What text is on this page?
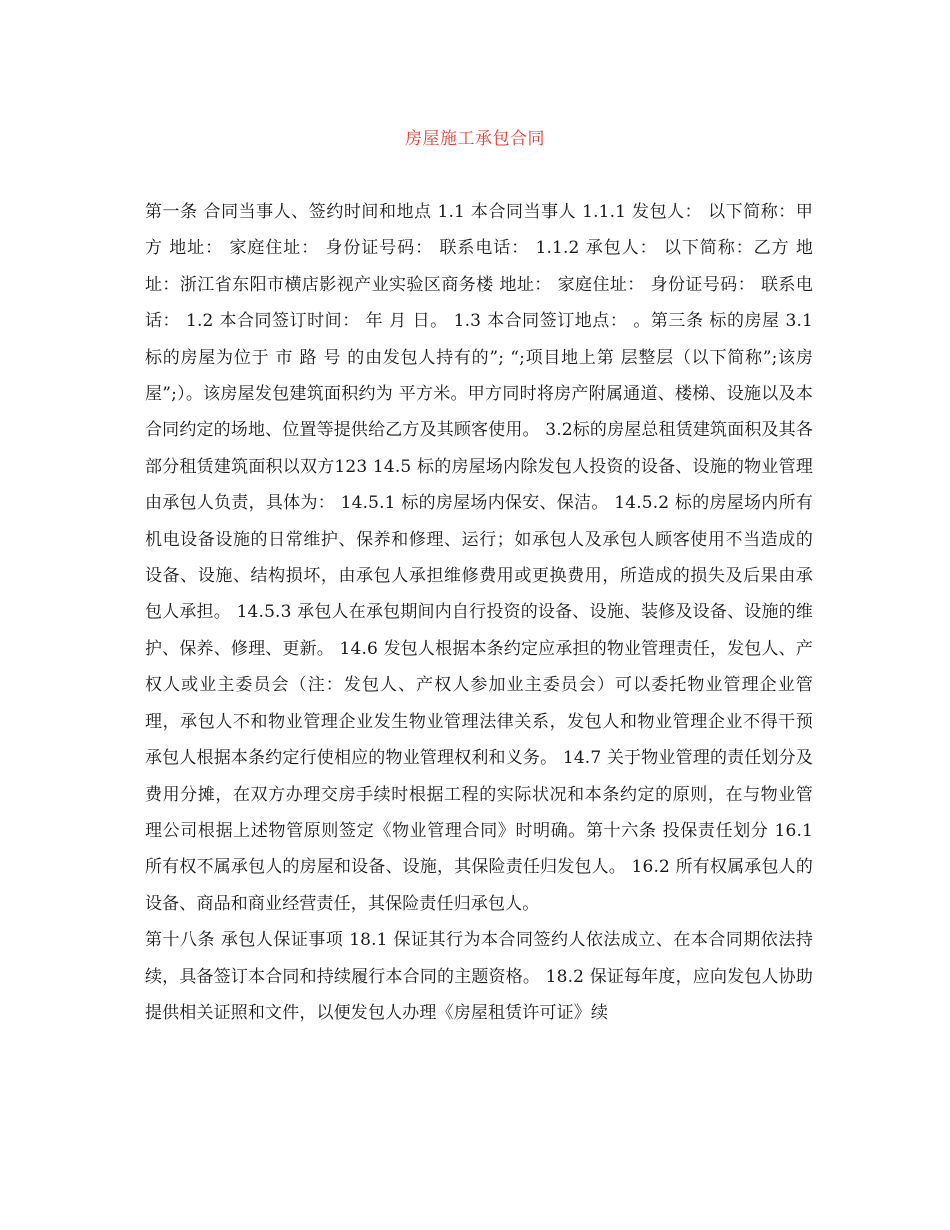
房屋施工承包合同

第一条 合同当事人、签约时间和地点 1.1 本合同当事人 1.1.1 发包人： 以下简称：甲方 地址： 家庭住址： 身份证号码： 联系电话： 1.1.2 承包人： 以下简称：乙方 地址：浙江省东阳市横店影视产业实验区商务楼 地址： 家庭住址： 身份证号码： 联系电话： 1.2 本合同签订时间： 年 月 日。 1.3 本合同签订地点： 。第三条 标的房屋 3.1 标的房屋为位于 市 路 号 的由发包人持有的”; “;项目地上第 层整层（以下简称”;该房屋”;）。该房屋发包建筑面积约为 平方米。甲方同时将房产附属通道、楼梯、设施以及本合同约定的场地、位置等提供给乙方及其顾客使用。 3.2标的房屋总租赁建筑面积及其各部分租赁建筑面积以双方123 14.5 标的房屋场内除发包人投资的设备、设施的物业管理由承包人负责，具体为： 14.5.1 标的房屋场内保安、保洁。 14.5.2 标的房屋场内所有机电设备设施的日常维护、保养和修理、运行；如承包人及承包人顾客使用不当造成的设备、设施、结构损坏，由承包人承担维修费用或更换费用，所造成的损失及后果由承包人承担。 14.5.3 承包人在承包期间内自行投资的设备、设施、装修及设备、设施的维护、保养、修理、更新。 14.6 发包人根据本条约定应承担的物业管理责任，发包人、产权人或业主委员会（注：发包人、产权人参加业主委员会）可以委托物业管理企业管理，承包人不和物业管理企业发生物业管理法律关系，发包人和物业管理企业不得干预承包人根据本条约定行使相应的物业管理权利和义务。 14.7 关于物业管理的责任划分及费用分摊，在双方办理交房手续时根据工程的实际状况和本条约定的原则，在与物业管理公司根据上述物管原则签定《物业管理合同》时明确。第十六条 投保责任划分 16.1 所有权不属承包人的房屋和设备、设施，其保险责任归发包人。 16.2 所有权属承包人的设备、商品和商业经营责任，其保险责任归承包人。

第十八条 承包人保证事项 18.1 保证其行为本合同签约人依法成立、在本合同期依法持续，具备签订本合同和持续履行本合同的主题资格。 18.2 保证每年度，应向发包人协助提供相关证照和文件，以便发包人办理《房屋租赁许可证》续
